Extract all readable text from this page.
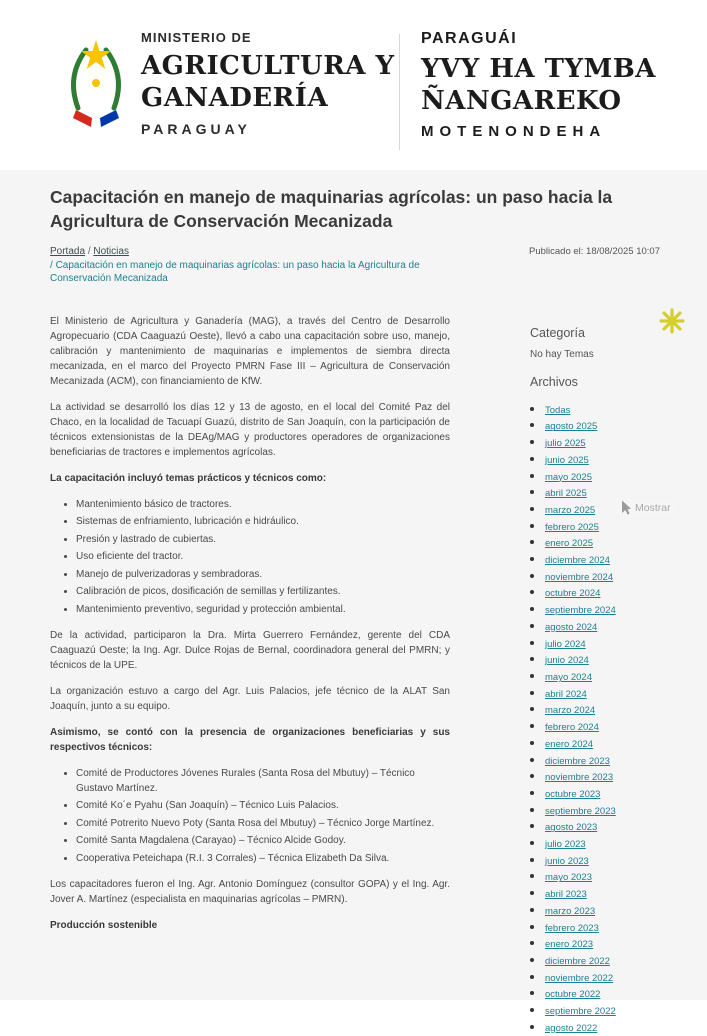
MINISTERIO DE
AGRICULTURA Y
GANADERÍA
PARAGUAY
PARAGUÁI
YVY HA TYMBA
ÑANGAREKO
MOTENONDEHA
Capacitación en manejo de maquinarias agrícolas: un paso hacia la Agricultura de Conservación Mecanizada
Portada / Noticias
/ Capacitación en manejo de maquinarias agrícolas: un paso hacia la Agricultura de Conservación Mecanizada
Publicado el: 18/08/2025 10:07

El Ministerio de Agricultura y Ganadería (MAG), a través del Centro de Desarrollo Agropecuario (CDA Caaguazú Oeste), llevó a cabo una capacitación sobre uso, manejo, calibración y mantenimiento de maquinarias e implementos de siembra directa mecanizada, en el marco del Proyecto PMRN Fase III – Agricultura de Conservación Mecanizada (ACM), con financiamiento de KfW.

La actividad se desarrolló los días 12 y 13 de agosto, en el local del Comité Paz del Chaco, en la localidad de Tacuapí Guazú, distrito de San Joaquín, con la participación de técnicos extensionistas de la DEAg/MAG y productores operadores de organizaciones beneficiarias de tractores e implementos agrícolas.

La capacitación incluyó temas prácticos y técnicos como:

• Mantenimiento básico de tractores.
• Sistemas de enfriamiento, lubricación e hidráulico.
• Presión y lastrado de cubiertas.
• Uso eficiente del tractor.
• Manejo de pulverizadoras y sembradoras.
• Calibración de picos, dosificación de semillas y fertilizantes.
• Mantenimiento preventivo, seguridad y protección ambiental.

De la actividad, participaron la Dra. Mirta Guerrero Fernández, gerente del CDA Caaguazú Oeste; la Ing. Agr. Dulce Rojas de Bernal, coordinadora general del PMRN; y técnicos de la UPE.

La organización estuvo a cargo del Agr. Luis Palacios, jefe técnico de la ALAT San Joaquín, junto a su equipo.

Asimismo, se contó con la presencia de organizaciones beneficiarias y sus respectivos técnicos:

• Comité de Productores Jóvenes Rurales (Santa Rosa del Mbutuy) – Técnico Gustavo Martínez.
• Comité Ko´e Pyahu (San Joaquín) – Técnico Luis Palacios.
• Comité Potrerito Nuevo Poty (Santa Rosa del Mbutuy) – Técnico Jorge Martínez.
• Comité Santa Magdalena (Carayao) – Técnico Alcide Godoy.
• Cooperativa Peteichapa (R.I. 3 Corrales) – Técnica Elizabeth Da Silva.

Los capacitadores fueron el Ing. Agr. Antonio Domínguez (consultor GOPA) y el Ing. Agr. Jover A. Martínez (especialista en maquinarias agrícolas – PMRN).

Producción sostenible

Categoría
No hay Temas
Archivos
• Todas
• agosto 2025
• julio 2025
• junio 2025
• mayo 2025
• abril 2025
• marzo 2025
• febrero 2025
• enero 2025
• diciembre 2024
• noviembre 2024
• octubre 2024
• septiembre 2024
• agosto 2024
• julio 2024
• junio 2024
• mayo 2024
• abril 2024
• marzo 2024
• febrero 2024
• enero 2024
• diciembre 2023
• noviembre 2023
• octubre 2023
• septiembre 2023
• agosto 2023
• julio 2023
• junio 2023
• mayo 2023
• abril 2023
• marzo 2023
• febrero 2023
• enero 2023
• diciembre 2022
• noviembre 2022
• octubre 2022
• septiembre 2022
• agosto 2022
Mostrar
